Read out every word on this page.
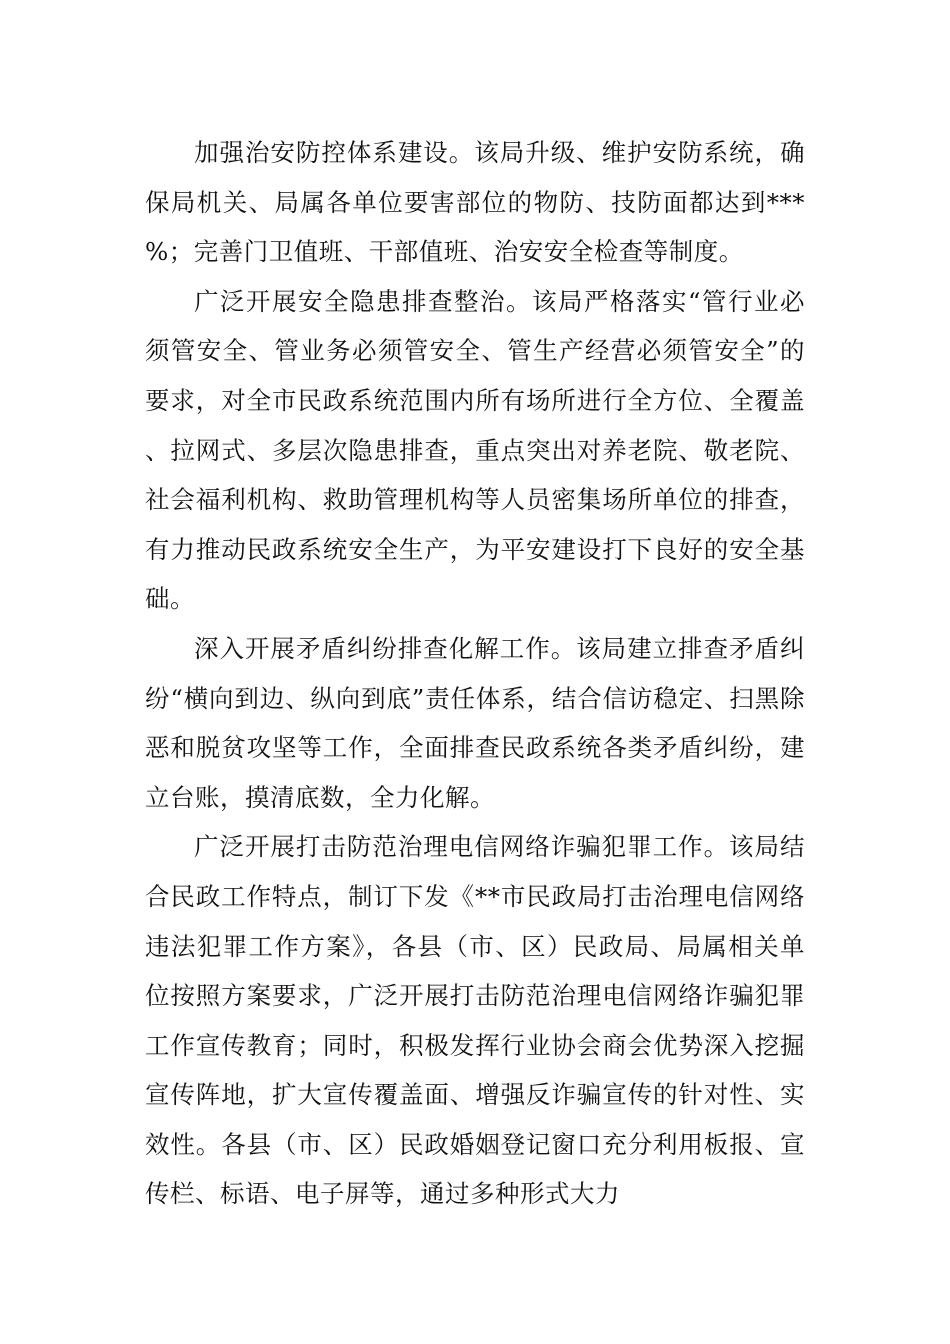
加强治安防控体系建设。该局升级、维护安防系统，确保局机关、局属各单位要害部位的物防、技防面都达到***%；完善门卫值班、干部值班、治安安全检查等制度。

广泛开展安全隐患排查整治。该局严格落实“管行业必须管安全、管业务必须管安全、管生产经营必须管安全”的要求，对全市民政系统范围内所有场所进行全方位、全覆盖、拉网式、多层次隐患排查，重点突出对养老院、敬老院、社会福利机构、救助管理机构等人员密集场所单位的排查，有力推动民政系统安全生产，为平安建设打下良好的安全基础。

深入开展矛盾纠纷排查化解工作。该局建立排查矛盾纠纷“横向到边、纵向到底”责任体系，结合信访稳定、扫黑除恶和脱贫攻坚等工作，全面排查民政系统各类矛盾纠纷，建立台账，摸清底数，全力化解。

广泛开展打击防范治理电信网络诈骗犯罪工作。该局结合民政工作特点，制订下发《**市民政局打击治理电信网络违法犯罪工作方案》，各县（市、区）民政局、局属相关单位按照方案要求，广泛开展打击防范治理电信网络诈骗犯罪工作宣传教育；同时，积极发挥行业协会商会优势深入挖掘宣传阵地，扩大宣传覆盖面、增强反诈骗宣传的针对性、实效性。各县（市、区）民政婚姻登记窗口充分利用板报、宣传栏、标语、电子屏等，通过多种形式大力
